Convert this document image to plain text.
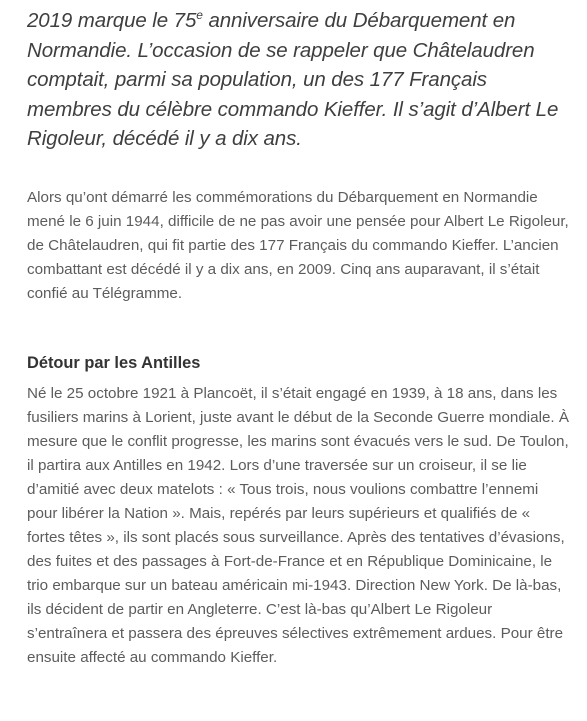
2019 marque le 75e anniversaire du Débarquement en Normandie. L’occasion de se rappeler que Châtelaudren comptait, parmi sa population, un des 177 Français membres du célèbre commando Kieffer. Il s’agit d’Albert Le Rigoleur, décédé il y a dix ans.

Alors qu’ont démarré les commémorations du Débarquement en Normandie mené le 6 juin 1944, difficile de ne pas avoir une pensée pour Albert Le Rigoleur, de Châtelaudren, qui fit partie des 177 Français du commando Kieffer. L’ancien combattant est décédé il y a dix ans, en 2009. Cinq ans auparavant, il s’était confié au Télégramme.

Détour par les Antilles

Né le 25 octobre 1921 à Plancoët, il s’était engagé en 1939, à 18 ans, dans les fusiliers marins à Lorient, juste avant le début de la Seconde Guerre mondiale. À mesure que le conflit progresse, les marins sont évacués vers le sud. De Toulon, il partira aux Antilles en 1942. Lors d’une traversée sur un croiseur, il se lie d’amitié avec deux matelots : « Tous trois, nous voulions combattre l’ennemi pour libérer la Nation ». Mais, repérés par leurs supérieurs et qualifiés de « fortes têtes », ils sont placés sous surveillance. Après des tentatives d’évasions, des fuites et des passages à Fort-de-France et en République Dominicaine, le trio embarque sur un bateau américain mi-1943. Direction New York. De là-bas, ils décident de partir en Angleterre. C’est là-bas qu’Albert Le Rigoleur s’entraînera et passera des épreuves sélectives extrêmement ardues. Pour être ensuite affecté au commando Kieffer.
